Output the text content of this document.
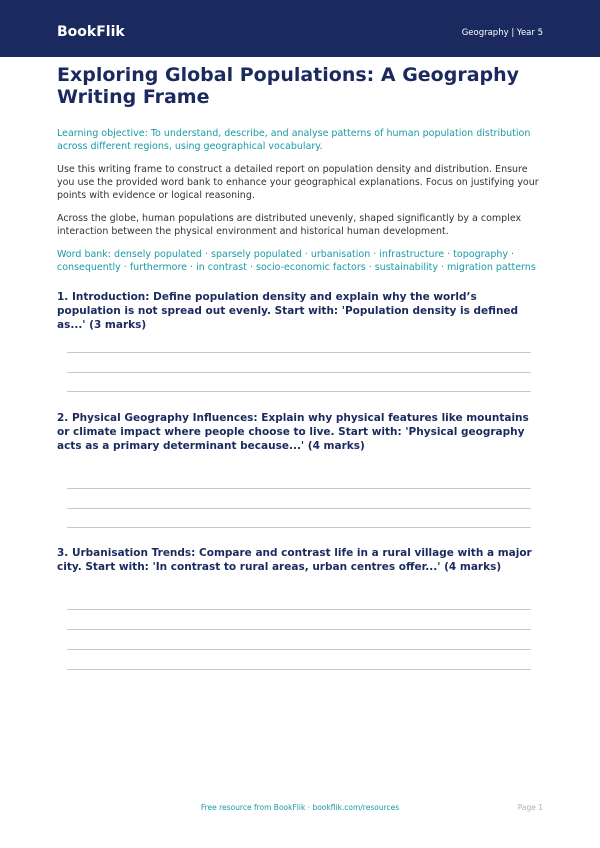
BookFlik	Geography | Year 5
Exploring Global Populations: A Geography Writing Frame

Learning objective: To understand, describe, and analyse patterns of human population distribution across different regions, using geographical vocabulary.

Use this writing frame to construct a detailed report on population density and distribution. Ensure you use the provided word bank to enhance your geographical explanations. Focus on justifying your points with evidence or logical reasoning.

Across the globe, human populations are distributed unevenly, shaped significantly by a complex interaction between the physical environment and historical human development.

Word bank: densely populated · sparsely populated · urbanisation · infrastructure · topography · consequently · furthermore · in contrast · socio-economic factors · sustainability · migration patterns

1. Introduction: Define population density and explain why the world’s population is not spread out evenly. Start with: 'Population density is defined as...' (3 marks)

2. Physical Geography Influences: Explain why physical features like mountains or climate impact where people choose to live. Start with: 'Physical geography acts as a primary determinant because...' (4 marks)

3. Urbanisation Trends: Compare and contrast life in a rural village with a major city. Start with: 'In contrast to rural areas, urban centres offer...' (4 marks)

Free resource from BookFlik · bookflik.com/resources	Page 1
